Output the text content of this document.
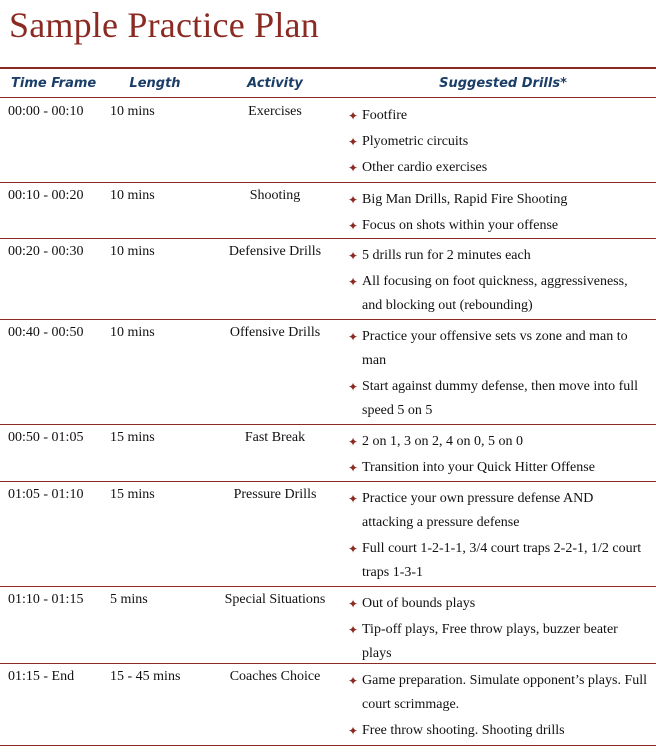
Sample Practice Plan
Time Frame	Length	Activity	Suggested Drills*
00:00 - 00:10 10 mins	Exercises	✦ Footfire
✦ Plyometric circuits
✦ Other cardio exercises
00:10 - 00:20 10 mins	Shooting	✦ Big Man Drills, Rapid Fire Shooting
✦ Focus on shots within your offense
00:20 - 00:30 10 mins	Defensive Drills	✦ 5 drills run for 2 minutes each
✦ All focusing on foot quickness, aggressiveness, and blocking out (rebounding)
00:40 - 00:50 10 mins	Offensive Drills	✦ Practice your offensive sets vs zone and man to man
✦ Start against dummy defense, then move into full speed 5 on 5
00:50 - 01:05 15 mins	Fast Break	✦ 2 on 1, 3 on 2, 4 on 0, 5 on 0
✦ Transition into your Quick Hitter Offense
01:05 - 01:10 15 mins	Pressure Drills	✦ Practice your own pressure defense AND attacking a pressure defense
✦ Full court 1-2-1-1, 3/4 court traps 2-2-1, 1/2 court traps 1-3-1
01:10 - 01:15 5 mins	Special Situations	✦ Out of bounds plays
✦ Tip-off plays, Free throw plays, buzzer beater plays
01:15 - End	15 - 45 mins	Coaches Choice	✦ Game preparation. Simulate opponent’s plays. Full court scrimmage.
✦ Free throw shooting. Shooting drills
